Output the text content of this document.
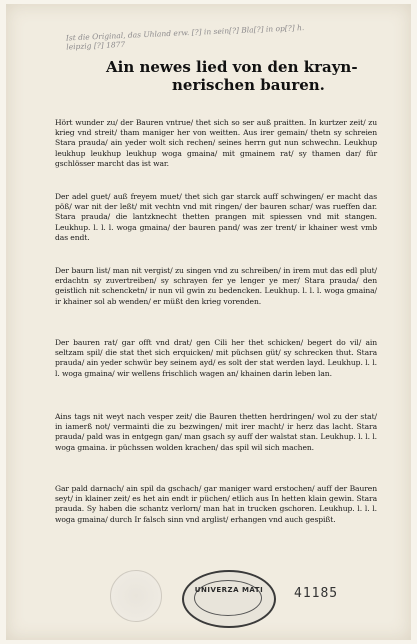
Ist die Original, das Uhland erw. [?] in sein[?] Bla[?] in op[?] h. leipzig [?] 1877
Ain newes lied von den krayn-
nerischen bauren.

Hört wunder zu/ der Bauren vntrue/ thet sich so ser auß praitten. In kurtzer zeit/ zu krieg vnd streit/ tham maniger her von weitten. Aus irer gemain/ thetn sy schreien Stara prauda/ ain yeder wolt sich rechen/ seines herrn gut nun schwechn. Leukhup leukhup leukhup leukhup woga gmaina/ mit gmainem rat/ sy thamen dar/ für gschlösser marcht das ist war.

Der adel guet/ auß freyem muet/ thet sich gar starck auff schwingen/ er macht das pöß/ war nit der leßt/ mit vechtn vnd mit ringen/ der bauren schar/ was rueffen dar. Stara prauda/ die lantzknecht thetten prangen mit spiessen vnd mit stangen. Leukhup. l. l. l. woga gmaina/ der bauren pand/ was zer trent/ ir khainer west vmb das endt.

Der baurn list/ man nit vergist/ zu singen vnd zu schreiben/ in irem mut das edl plut/ erdachtn sy zuvertreiben/ sy schrayen fer ye lenger ye mer/ Stara prauda/ den geistlich nit schencketn/ ir nun vil gwin zu bedencken. Leukhup. l. l. l. woga gmaina/ ir khainer sol ab wenden/ er müßt den krieg vorenden.

Der bauren rat/ gar offt vnd drat/ gen Cili her thet schicken/ begert do vil/ ain seltzam spil/ die stat thet sich erquicken/ mit püchsen güt/ sy schrecken thut. Stara prauda/ ain yeder schwür bey seinem ayd/ es solt der stat werden layd. Leukhup. l. l. l. woga gmaina/ wir wellens frischlich wagen an/ khainen darin leben lan.

Ains tags nit weyt nach vesper zeit/ die Bauren thetten herdringen/ wol zu der stat/ in iamerß not/ vermainti die zu bezwingen/ mit irer macht/ ir herz das lacht. Stara prauda/ pald was in entgegn gan/ man gsach sy auff der walstat stan. Leukhup. l. l. l. woga gmaina. ir püchssen wolden krachen/ das spil wil sich machen.

Gar pald darnach/ ain spil da gschach/ gar maniger ward erstochen/ auff der Bauren seyt/ in klainer zeit/ es het ain endt ir püchen/ etlich aus In hetten klain gewin. Stara prauda. Sy haben die schantz verlorn/ man hat in trucken gschoren. Leukhup. l. l. l. woga gmaina/ durch Ir falsch sinn vnd arglist/ erhangen vnd auch gespißt.

UNIVERZA MATI	41185
